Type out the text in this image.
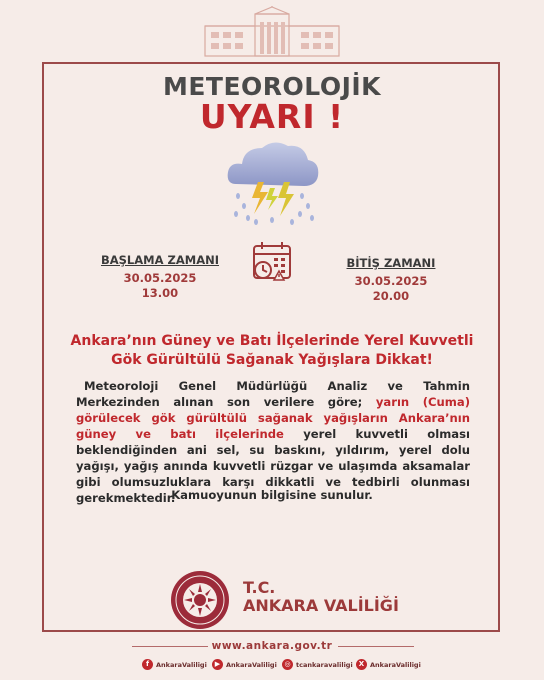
METEOROLOJİK
UYARI !
BAŞLAMA ZAMANI
30.05.2025
13.00
BİTİŞ ZAMANI
30.05.2025
20.00
Ankara’nın Güney ve Batı İlçelerinde Yerel Kuvvetli
Gök Gürültülü Sağanak Yağışlara Dikkat!
Meteoroloji Genel Müdürlüğü Analiz ve Tahmin Merkezinden alınan son verilere göre; yarın (Cuma) görülecek gök gürültülü sağanak yağışların Ankara’nın güney ve batı ilçelerinde yerel kuvvetli olması beklendiğinden ani sel, su baskını, yıldırım, yerel dolu yağışı, yağış anında kuvvetli rüzgar ve ulaşımda aksamalar gibi olumsuzluklara karşı dikkatli ve tedbirli olunması gerekmektedir.
Kamuoyunun bilgisine sunulur.
T.C.
ANKARA VALİLİĞİ
www.ankara.gov.tr
f	AnkaraValiligi	▶ AnkaraValiligi	◎ tcankaravaliligi X AnkaraValiligi
